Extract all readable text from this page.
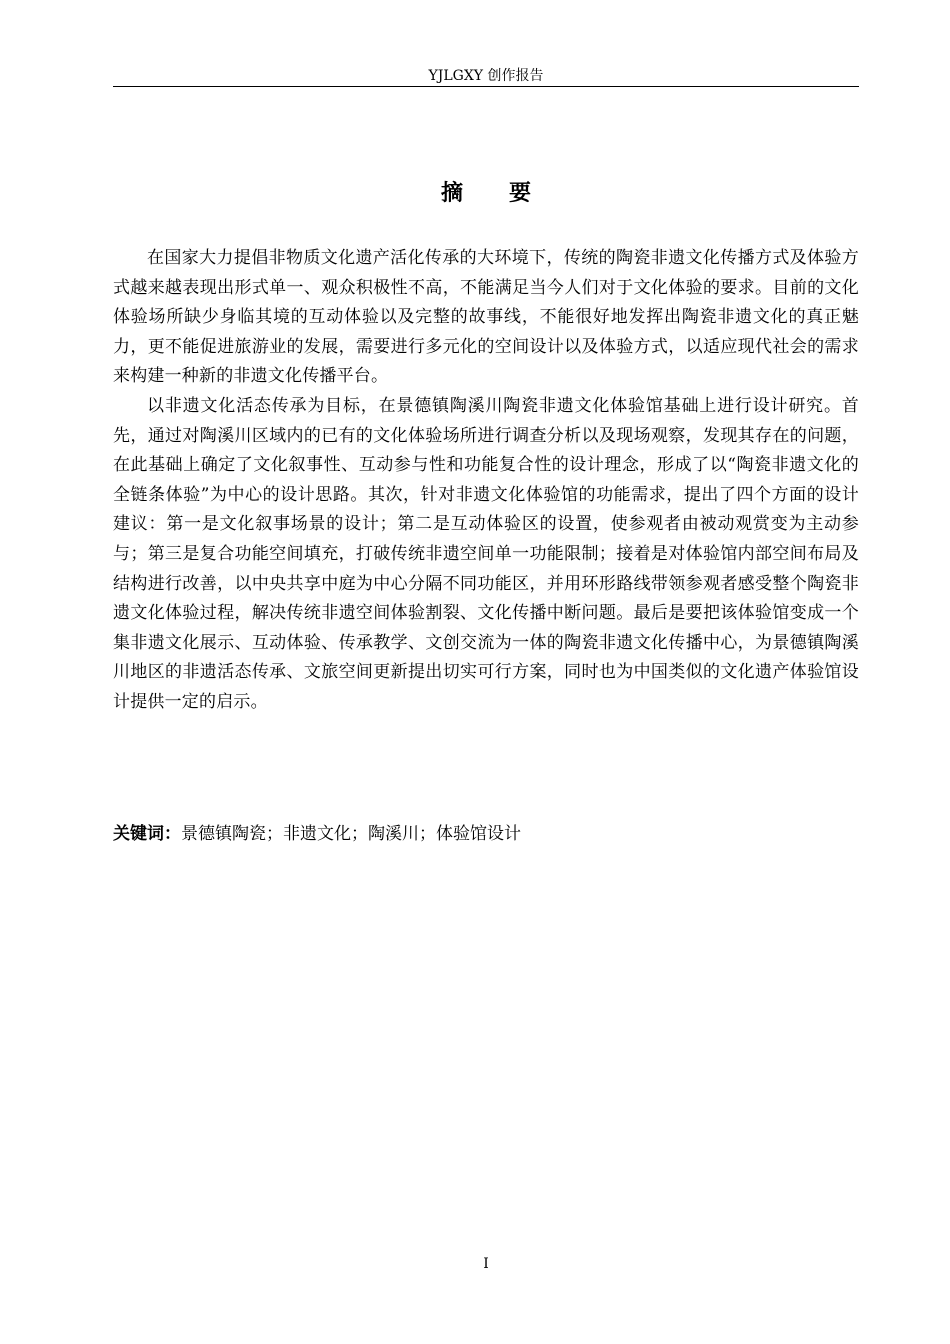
YJLGXY 创作报告
摘 要

在国家大力提倡非物质文化遗产活化传承的大环境下，传统的陶瓷非遗文化传播方式及体验方式越来越表现出形式单一、观众积极性不高，不能满足当今人们对于文化体验的要求。目前的文化体验场所缺少身临其境的互动体验以及完整的故事线，不能很好地发挥出陶瓷非遗文化的真正魅力，更不能促进旅游业的发展，需要进行多元化的空间设计以及体验方式，以适应现代社会的需求来构建一种新的非遗文化传播平台。

以非遗文化活态传承为目标，在景德镇陶溪川陶瓷非遗文化体验馆基础上进行设计研究。首先，通过对陶溪川区域内的已有的文化体验场所进行调查分析以及现场观察，发现其存在的问题，在此基础上确定了文化叙事性、互动参与性和功能复合性的设计理念，形成了以“陶瓷非遗文化的全链条体验”为中心的设计思路。其次，针对非遗文化体验馆的功能需求，提出了四个方面的设计建议：第一是文化叙事场景的设计；第二是互动体验区的设置，使参观者由被动观赏变为主动参与；第三是复合功能空间填充，打破传统非遗空间单一功能限制；接着是对体验馆内部空间布局及结构进行改善，以中央共享中庭为中心分隔不同功能区，并用环形路线带领参观者感受整个陶瓷非遗文化体验过程，解决传统非遗空间体验割裂、文化传播中断问题。最后是要把该体验馆变成一个集非遗文化展示、互动体验、传承教学、文创交流为一体的陶瓷非遗文化传播中心，为景德镇陶溪川地区的非遗活态传承、文旅空间更新提出切实可行方案，同时也为中国类似的文化遗产体验馆设计提供一定的启示。

关键词：景德镇陶瓷；非遗文化；陶溪川；体验馆设计
I
